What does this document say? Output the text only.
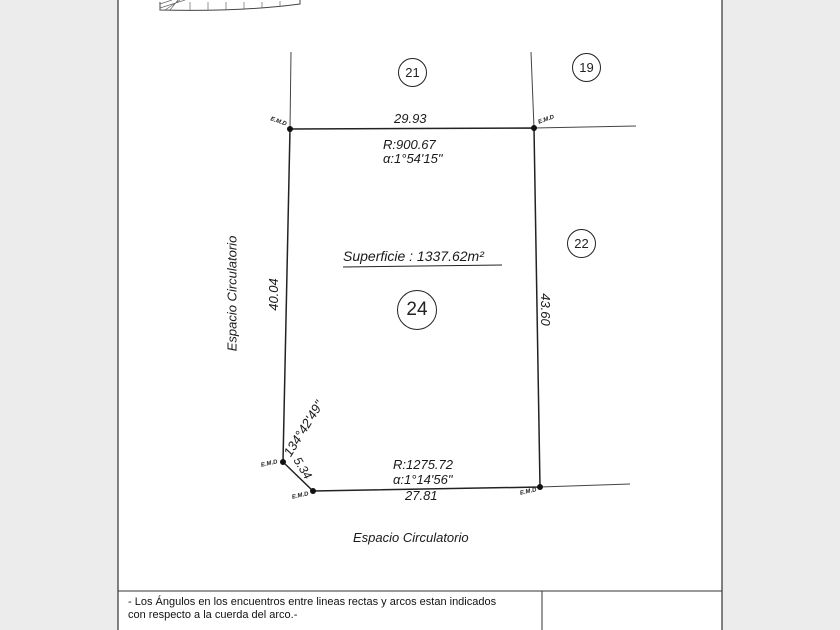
24
21	19
22
Superficie : 1337.62m²
29.93
R:900.67
α:1°54'15"
40.04	43.60
R:1275.72
α:1°14'56"
27.81
134°42'49"
5.34
E.M.D	E.M.D
E.M.D
E.M.D	E.M.D
Espacio Circulatorio
Espacio Circulatorio
- Los Ángulos en los encuentros entre lineas rectas y arcos estan indicados
con respecto a la cuerda del arco.-
